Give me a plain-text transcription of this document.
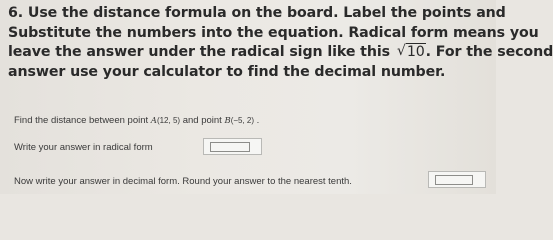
6. Use the distance formula on the board. Label the points and
Substitute the numbers into the equation. Radical form means you
leave the answer under the radical sign like this √ 10. For the second
answer use your calculator to find the decimal number.
Find the distance between point A(12, 5) and point B(−5, 2) .
Write your answer in radical form
Now write your answer in decimal form. Round your answer to the nearest tenth.
